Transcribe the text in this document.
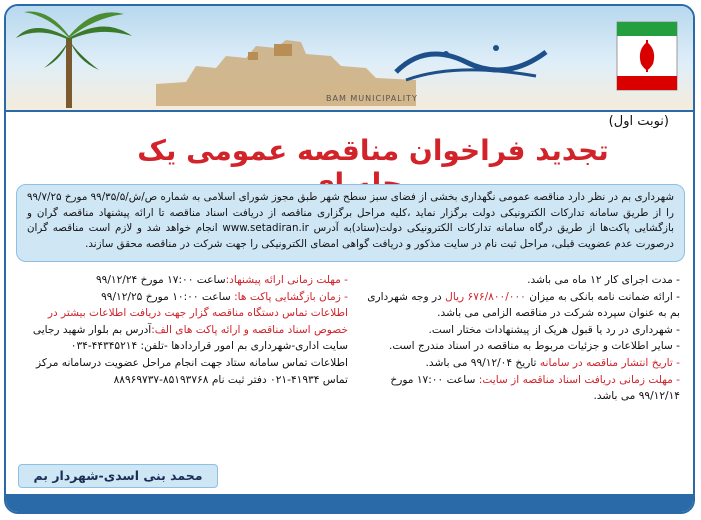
BAM MUNICIPALITY
(نوبت اول)
تجدید فراخوان مناقصه عمومی یک
شهرداری بم در نظر دارد مناقصه عمومی نگهداری بخشی از فضای سبز سطح شهر طبق مجوز شورای اسلامی به شماره ص/ش/۹۹/۳۵/۵ مورخ ۹۹/۷/۲۵ را از طریق سامانه تدارکات الکترونیکی دولت برگزار نماید ،کلیه مراحل برگزاری مناقصه از دریافت اسناد مناقصه تا ارائه پیشنهاد مناقصه گران و بازگشایی پاکت‌ها از طریق درگاه سامانه تدارکات الکترونیکی دولت(ستاد)به آدرس www.setadiran.ir انجام خواهد شد و لازم است مناقصه گران درصورت عدم عضویت قبلی، مراحل ثبت نام در سایت مذکور و دریافت گواهی امضای الکترونیکی را جهت شرکت در مناقصه محقق سازند.

- مدت اجرای کار ۱۲ ماه می باشد.

- ارائه ضمانت نامه بانکی به میزان ۶۷۶/۸۰۰/۰۰۰ ریال در وجه شهرداری بم به عنوان سپرده شرکت در مناقصه الزامی می باشد.

- شهرداری در رد یا قبول هریک از پیشنهادات مختار است.

- سایر اطلاعات و جزئیات مربوط به مناقصه در اسناد مندرج است.

- تاریخ انتشار مناقصه در سامانه تاریخ ۹۹/۱۲/۰۴ می باشد.

- مهلت زمانی دریافت اسناد مناقصه از سایت: ساعت ۱۷:۰۰ مورخ ۹۹/۱۲/۱۴ می باشد.

- مهلت زمانی ارائه پیشنهاد:ساعت ۱۷:۰۰ مورخ ۹۹/۱۲/۲۴

- زمان بازگشایی پاکت ها: ساعت ۱۰:۰۰ مورخ ۹۹/۱۲/۲۵

اطلاعات تماس دستگاه مناقصه گزار جهت دریافت اطلاعات بیشتر در خصوص اسناد مناقصه و ارائه پاکت های الف:آدرس بم بلوار شهید رجایی سایت اداری-شهرداری بم امور قراردادها -تلفن: ۴۴۳۴۵۲۱۴-۰۳۴

اطلاعات تماس سامانه ستاد جهت انجام مراحل عضویت درسامانه مرکز تماس ۴۱۹۳۴-۰۲۱ دفتر ثبت نام ۸۵۱۹۳۷۶۸-۸۸۹۶۹۷۳۷

محمد بنی اسدی-شهردار بم
